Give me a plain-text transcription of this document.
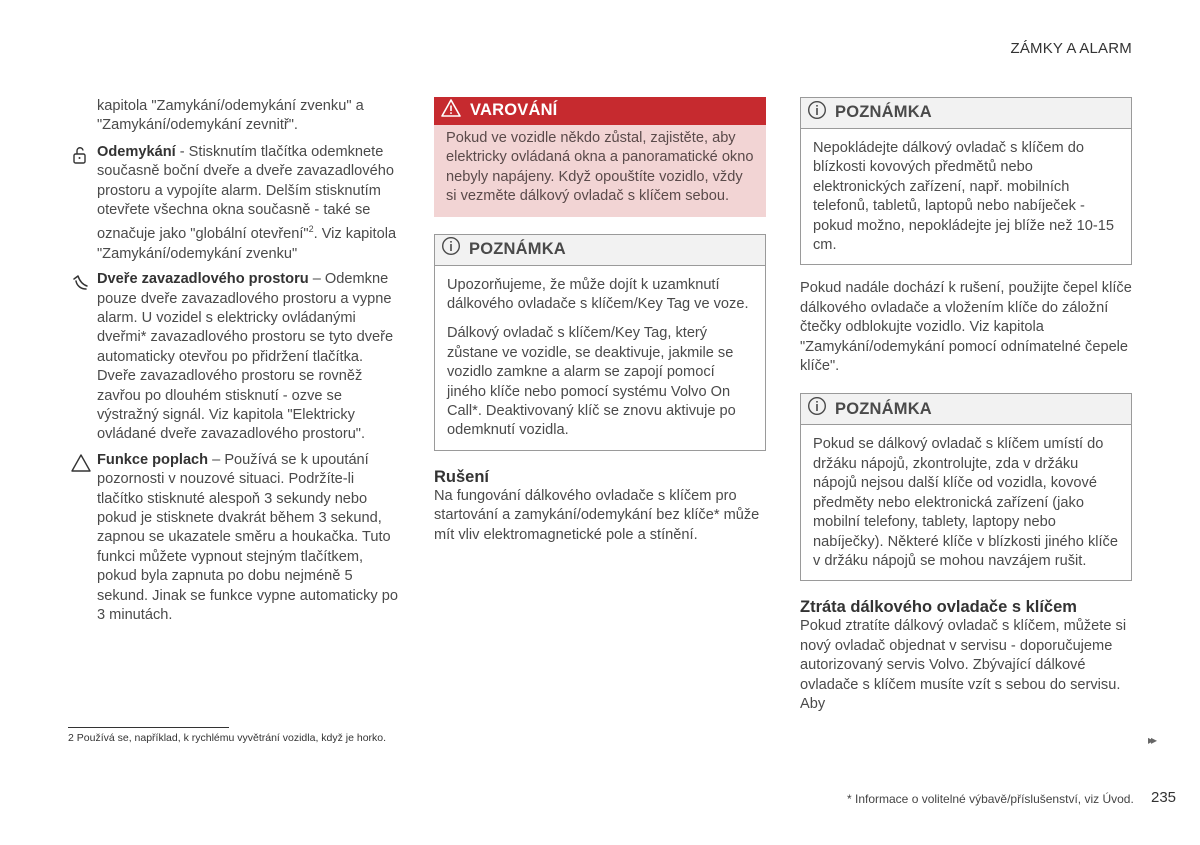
ZÁMKY A ALARM

kapitola "Zamykání/odemykání zvenku" a "Zamykání/odemykání zevnitř".

Odemykání - Stisknutím tlačítka odemknete současně boční dveře a dveře zavazadlového prostoru a vypojíte alarm. Delším stisknutím otevřete všechna okna současně - také se označuje jako "globální otevření"$^2$. Viz kapitola "Zamykání/odemykání zvenku"
Dveře zavazadlového prostoru – Odemkne pouze dveře zavazadlového prostoru a vypne alarm. U vozidel s elektricky ovládanými dveřmi* zavazadlového prostoru se tyto dveře automaticky otevřou po přidržení tlačítka. Dveře zavazadlového prostoru se rovněž zavřou po dlouhém stisknutí - ozve se výstražný signál. Viz kapitola "Elektricky ovládané dveře zavazadlového prostoru".
Funkce poplach – Používá se k upoutání pozornosti v nouzové situaci. Podržíte-li tlačítko stisknuté alespoň 3 sekundy nebo pokud je stisknete dvakrát během 3 sekund, zapnou se ukazatele směru a houkačka. Tuto funkci můžete vypnout stejným tlačítkem, pokud byla zapnuta po dobu nejméně 5 sekund. Jinak se funkce vypne automaticky po 3 minutách.
VAROVÁNÍ

Pokud ve vozidle někdo zůstal, zajistěte, aby elektricky ovládaná okna a panoramatické okno nebyly napájeny. Když opouštíte vozidlo, vždy si vezměte dálkový ovladač s klíčem sebou.

POZNÁMKA

Upozorňujeme, že může dojít k uzamknutí dálkového ovladače s klíčem/Key Tag ve voze.

Dálkový ovladač s klíčem/Key Tag, který zůstane ve vozidle, se deaktivuje, jakmile se vozidlo zamkne a alarm se zapojí pomocí jiného klíče nebo pomocí systému Volvo On Call*. Deaktivovaný klíč se znovu aktivuje po odemknutí vozidla.

Rušení

Na fungování dálkového ovladače s klíčem pro startování a zamykání/odemykání bez klíče* může mít vliv elektromagnetické pole a stínění.

POZNÁMKA

Nepokládejte dálkový ovladač s klíčem do blízkosti kovových předmětů nebo elektronických zařízení, např. mobilních telefonů, tabletů, laptopů nebo nabíječek - pokud možno, nepokládejte jej blíže než 10-15 cm.

Pokud nadále dochází k rušení, použijte čepel klíče dálkového ovladače a vložením klíče do záložní čtečky odblokujte vozidlo. Viz kapitola "Zamykání/odemykání pomocí odnímatelné čepele klíče".

POZNÁMKA

Pokud se dálkový ovladač s klíčem umístí do držáku nápojů, zkontrolujte, zda v držáku nápojů nejsou další klíče od vozidla, kovové předměty nebo elektronická zařízení (jako mobilní telefony, tablety, laptopy nebo nabíječky). Některé klíče v blízkosti jiného klíče v držáku nápojů se mohou navzájem rušit.

Ztráta dálkového ovladače s klíčem

Pokud ztratíte dálkový ovladač s klíčem, můžete si nový ovladač objednat v servisu - doporučujeme autorizovaný servis Volvo. Zbývající dálkové ovladače s klíčem musíte vzít s sebou do servisu. Aby

2 Používá se, například, k rychlému vyvětrání vozidla, když je horko.	▸▸
* Informace o volitelné výbavě/příslušenství, viz Úvod. 235
